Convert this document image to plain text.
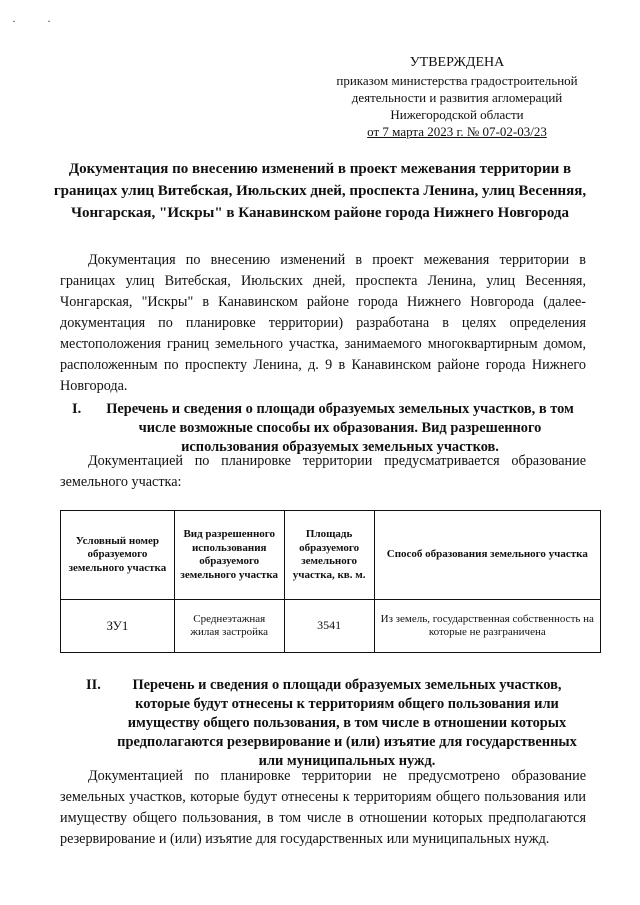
· ·
УТВЕРЖДЕНА
приказом министерства градостроительной
деятельности и развития агломераций
Нижегородской области
от 7 марта 2023 г. № 07-02-03/23
Документация по внесению изменений в проект межевания территории в границах улиц Витебская, Июльских дней, проспекта Ленина, улиц Весенняя, Чонгарская, "Искры" в Канавинском районе города Нижнего Новгорода
Документация по внесению изменений в проект межевания территории в границах улиц Витебская, Июльских дней, проспекта Ленина, улиц Весенняя, Чонгарская, "Искры" в Канавинском районе города Нижнего Новгорода (далее- документация по планировке территории) разработана в целях определения местоположения границ земельного участка, занимаемого многоквартирным домом, расположенным по проспекту Ленина, д. 9 в Канавинском районе города Нижнего Новгорода.
I.	Перечень и сведения о площади образуемых земельных участков, в том числе возможные способы их образования. Вид разрешенного использования образуемых земельных участков.
Документацией по планировке территории предусматривается образование земельного участка:
Условный номер образуемого земельного участка	Вид разрешенного использования образуемого земельного участка	Площадь образуемого земельного участка, кв. м.	Способ образования земельного участка
ЗУ1	Среднеэтажная жилая застройка	3541	Из земель, государственная собственность на которые не разграничена
II.	Перечень и сведения о площади образуемых земельных участков, которые будут отнесены к территориям общего пользования или имуществу общего пользования, в том числе в отношении которых предполагаются резервирование и (или) изъятие для государственных или муниципальных нужд.
Документацией по планировке территории не предусмотрено образование земельных участков, которые будут отнесены к территориям общего пользования или имуществу общего пользования, в том числе в отношении которых предполагаются резервирование и (или) изъятие для государственных или муниципальных нужд.
